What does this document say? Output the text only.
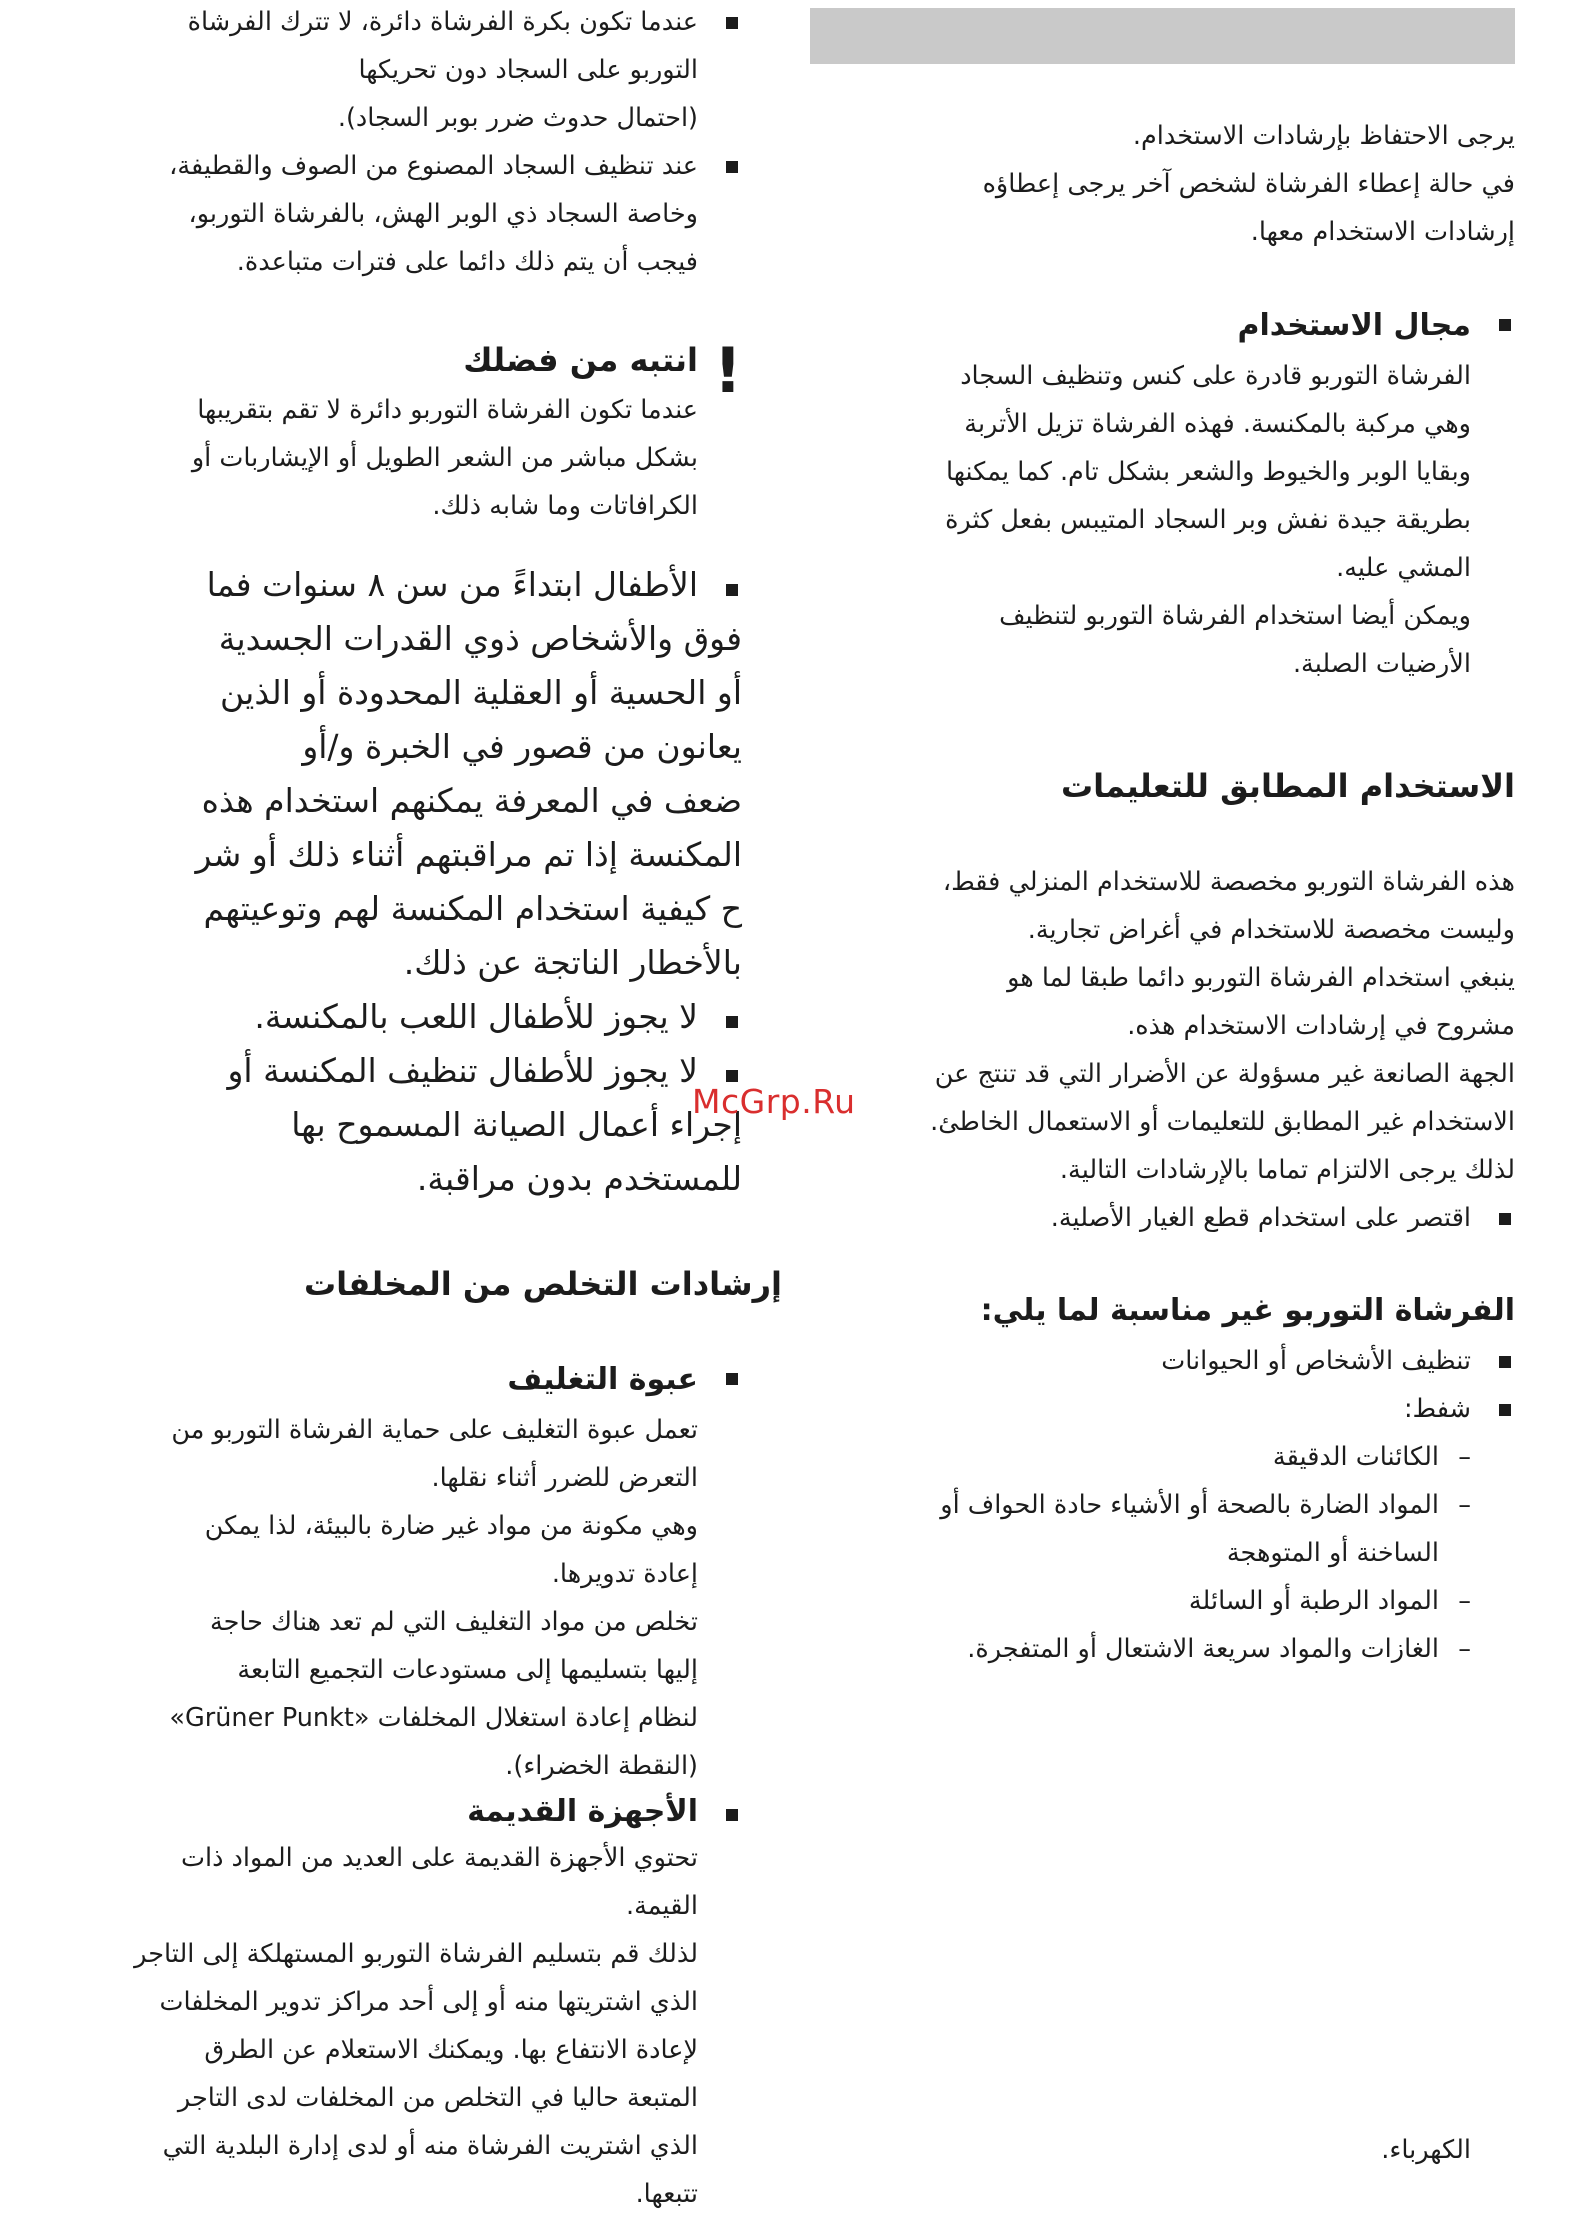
يرجى الاحتفاظ بإرشادات الاستخدام.

في حالة إعطاء الفرشاة لشخص آخر يرجى إعطاؤه

إرشادات الاستخدام معها.

مجال الاستخدام

الفرشاة التوربو قادرة على كنس وتنظيف السجاد

وهي مركبة بالمكنسة. فهذه الفرشاة تزيل الأتربة

وبقايا الوبر والخيوط والشعر بشكل تام. كما يمكنها

بطريقة جيدة نفش وبر السجاد المتيبس بفعل كثرة

المشي عليه.

ويمكن أيضا استخدام الفرشاة التوربو لتنظيف

الأرضيات الصلبة.

الاستخدام المطابق للتعليمات

هذه الفرشاة التوربو مخصصة للاستخدام المنزلي فقط،

وليست مخصصة للاستخدام في أغراض تجارية.

ينبغي استخدام الفرشاة التوربو دائما طبقا لما هو

مشروح في إرشادات الاستخدام هذه.

الجهة الصانعة غير مسؤولة عن الأضرار التي قد تنتج عن

الاستخدام غير المطابق للتعليمات أو الاستعمال الخاطئ.

لذلك يرجى الالتزام تماما بالإرشادات التالية.

اقتصر على استخدام قطع الغيار الأصلية.

الفرشاة التوربو غير مناسبة لما يلي:

تنظيف الأشخاص أو الحيوانات

شفط:

– الكائنات الدقيقة

– المواد الضارة بالصحة أو الأشياء حادة الحواف أو

الساخنة أو المتوهجة

– المواد الرطبة أو السائلة

– الغازات والمواد سريعة الاشتعال أو المتفجرة.

الكهرباء.

عندما تكون بكرة الفرشاة دائرة، لا تترك الفرشاة

التوربو على السجاد دون تحريكها

(احتمال حدوث ضرر بوبر السجاد).

عند تنظيف السجاد المصنوع من الصوف والقطيفة،

وخاصة السجاد ذي الوبر الهش، بالفرشاة التوربو،

فيجب أن يتم ذلك دائما على فترات متباعدة.

!
انتبه من فضلك

عندما تكون الفرشاة التوربو دائرة لا تقم بتقريبها

بشكل مباشر من الشعر الطويل أو الإيشاربات أو

الكرافاتات وما شابه ذلك.

الأطفال ابتداءً من سن ٨ سنوات فما

فوق والأشخاص ذوي القدرات الجسدية

أو الحسية أو العقلية المحدودة أو الذين

يعانون من قصور في الخبرة و/أو

ضعف في المعرفة يمكنهم استخدام هذه

المكنسة إذا تم مراقبتهم أثناء ذلك أو شر

ح كيفية استخدام المكنسة لهم وتوعيتهم

بالأخطار الناتجة عن ذلك.

لا يجوز للأطفال اللعب بالمكنسة.

لا يجوز للأطفال تنظيف المكنسة أو

إجراء أعمال الصيانة المسموح بها

للمستخدم بدون مراقبة.

إرشادات التخلص من المخلفات
عبوة التغليف

تعمل عبوة التغليف على حماية الفرشاة التوربو من

التعرض للضرر أثناء نقلها.

وهي مكونة من مواد غير ضارة بالبيئة، لذا يمكن

إعادة تدويرها.

تخلص من مواد التغليف التي لم تعد هناك حاجة

إليها بتسليمها إلى مستودعات التجميع التابعة

لنظام إعادة استغلال المخلفات «Grüner Punkt»

(النقطة الخضراء).

الأجهزة القديمة

تحتوي الأجهزة القديمة على العديد من المواد ذات

القيمة.

لذلك قم بتسليم الفرشاة التوربو المستهلكة إلى التاجر

الذي اشتريتها منه أو إلى أحد مراكز تدوير المخلفات

لإعادة الانتفاع بها. ويمكنك الاستعلام عن الطرق

المتبعة حاليا في التخلص من المخلفات لدى التاجر

الذي اشتريت الفرشاة منه أو لدى إدارة البلدية التي

تتبعها.

McGrp.Ru
